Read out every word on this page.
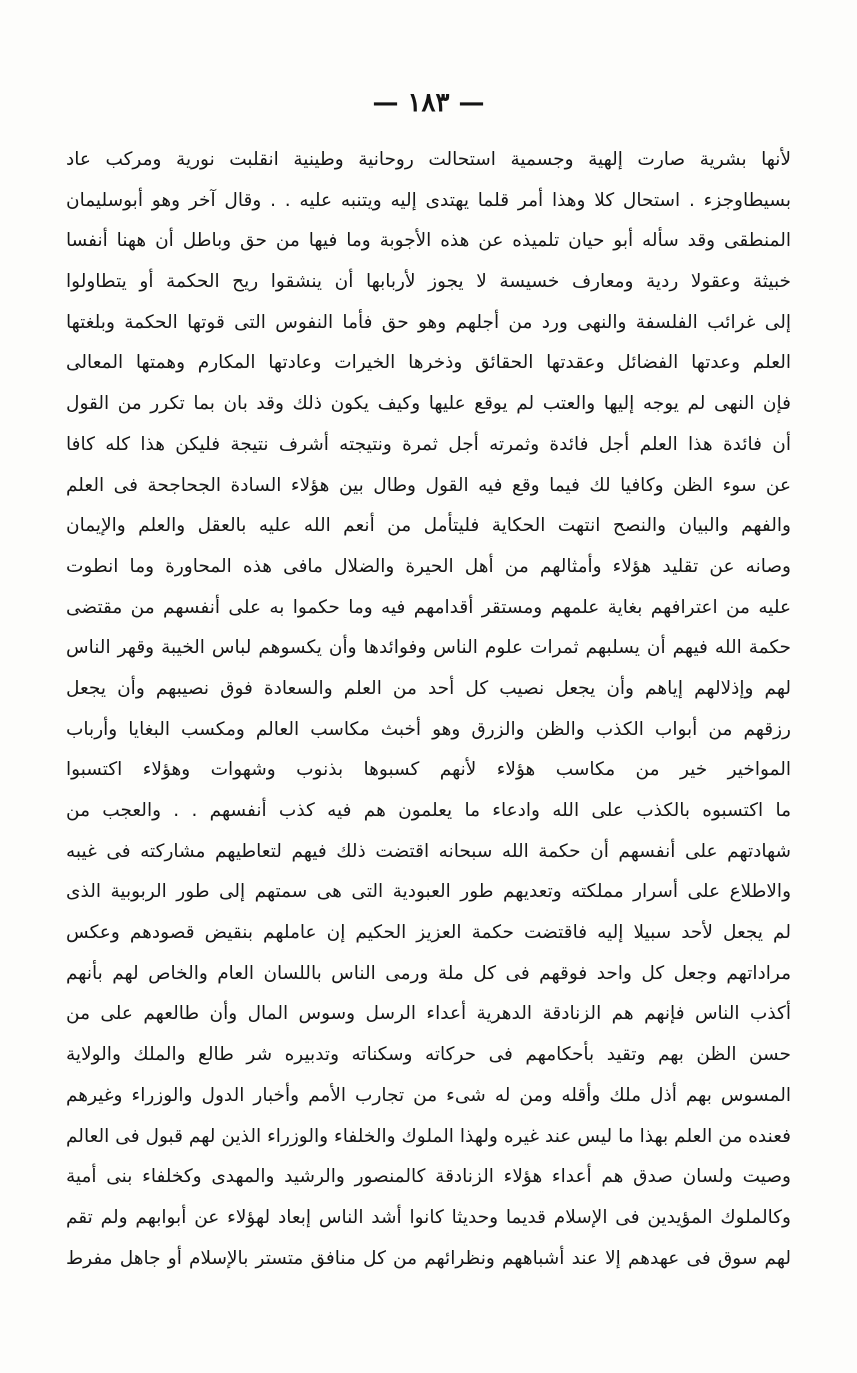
— ١٨٣ —
لأنها بشرية صارت إلهية وجسمية استحالت روحانية وطينية انقلبت نورية ومركب عاد
بسيطاوجزء . استحال كلا وهذا أمر قلما يهتدى إليه ويتنبه عليه . . وقال آخر وهو أبوسليمان
المنطقى وقد سأله أبو حيان تلميذه عن هذه الأجوبة وما فيها من حق وباطل أن ههنا أنفسا
خبيثة وعقولا ردية ومعارف خسيسة لا يجوز لأربابها أن ينشقوا ريح الحكمة أو يتطاولوا
إلى غرائب الفلسفة والنهى ورد من أجلهم وهو حق فأما النفوس التى قوتها الحكمة وبلغتها
العلم وعدتها الفضائل وعقدتها الحقائق وذخرها الخيرات وعادتها المكارم وهمتها المعالى
فإن النهى لم يوجه إليها والعتب لم يوقع عليها وكيف يكون ذلك وقد بان بما تكرر من القول
أن فائدة هذا العلم أجل فائدة وثمرته أجل ثمرة ونتيجته أشرف نتيجة فليكن هذا كله كافا
عن سوء الظن وكافيا لك فيما وقع فيه القول وطال بين هؤلاء السادة الجحاجحة فى العلم
والفهم والبيان والنصح انتهت الحكاية فليتأمل من أنعم الله عليه بالعقل والعلم والإيمان
وصانه عن تقليد هؤلاء وأمثالهم من أهل الحيرة والضلال مافى هذه المحاورة وما انطوت
عليه من اعترافهم بغاية علمهم ومستقر أقدامهم فيه وما حكموا به على أنفسهم من مقتضى
حكمة الله فيهم أن يسلبهم ثمرات علوم الناس وفوائدها وأن يكسوهم لباس الخيبة وقهر الناس
لهم وإذلالهم إياهم وأن يجعل نصيب كل أحد من العلم والسعادة فوق نصيبهم وأن يجعل
رزقهم من أبواب الكذب والظن والزرق وهو أخبث مكاسب العالم ومكسب البغايا وأرباب
المواخير خير من مكاسب هؤلاء لأنهم كسبوها بذنوب وشهوات وهؤلاء اكتسبوا
ما اكتسبوه بالكذب على الله وادعاء ما يعلمون هم فيه كذب أنفسهم . . والعجب من
شهادتهم على أنفسهم أن حكمة الله سبحانه اقتضت ذلك فيهم لتعاطيهم مشاركته فى غيبه
والاطلاع على أسرار مملكته وتعديهم طور العبودية التى هى سمتهم إلى طور الربوبية الذى
لم يجعل لأحد سبيلا إليه فاقتضت حكمة العزيز الحكيم إن عاملهم بنقيض قصودهم وعكس
مراداتهم وجعل كل واحد فوقهم فى كل ملة ورمى الناس باللسان العام والخاص لهم بأنهم
أكذب الناس فإنهم هم الزنادقة الدهرية أعداء الرسل وسوس المال وأن طالعهم على من
حسن الظن بهم وتقيد بأحكامهم فى حركاته وسكناته وتدبيره شر طالع والملك والولاية
المسوس بهم أذل ملك وأقله ومن له شىء من تجارب الأمم وأخبار الدول والوزراء وغيرهم
فعنده من العلم بهذا ما ليس عند غيره ولهذا الملوك والخلفاء والوزراء الذين لهم قبول فى العالم
وصيت ولسان صدق هم أعداء هؤلاء الزنادقة كالمنصور والرشيد والمهدى وكخلفاء بنى أمية
وكالملوك المؤيدين فى الإسلام قديما وحديثا كانوا أشد الناس إبعاد لهؤلاء عن أبوابهم ولم تقم
لهم سوق فى عهدهم إلا عند أشباههم ونظرائهم من كل منافق متستر بالإسلام أو جاهل مفرط
